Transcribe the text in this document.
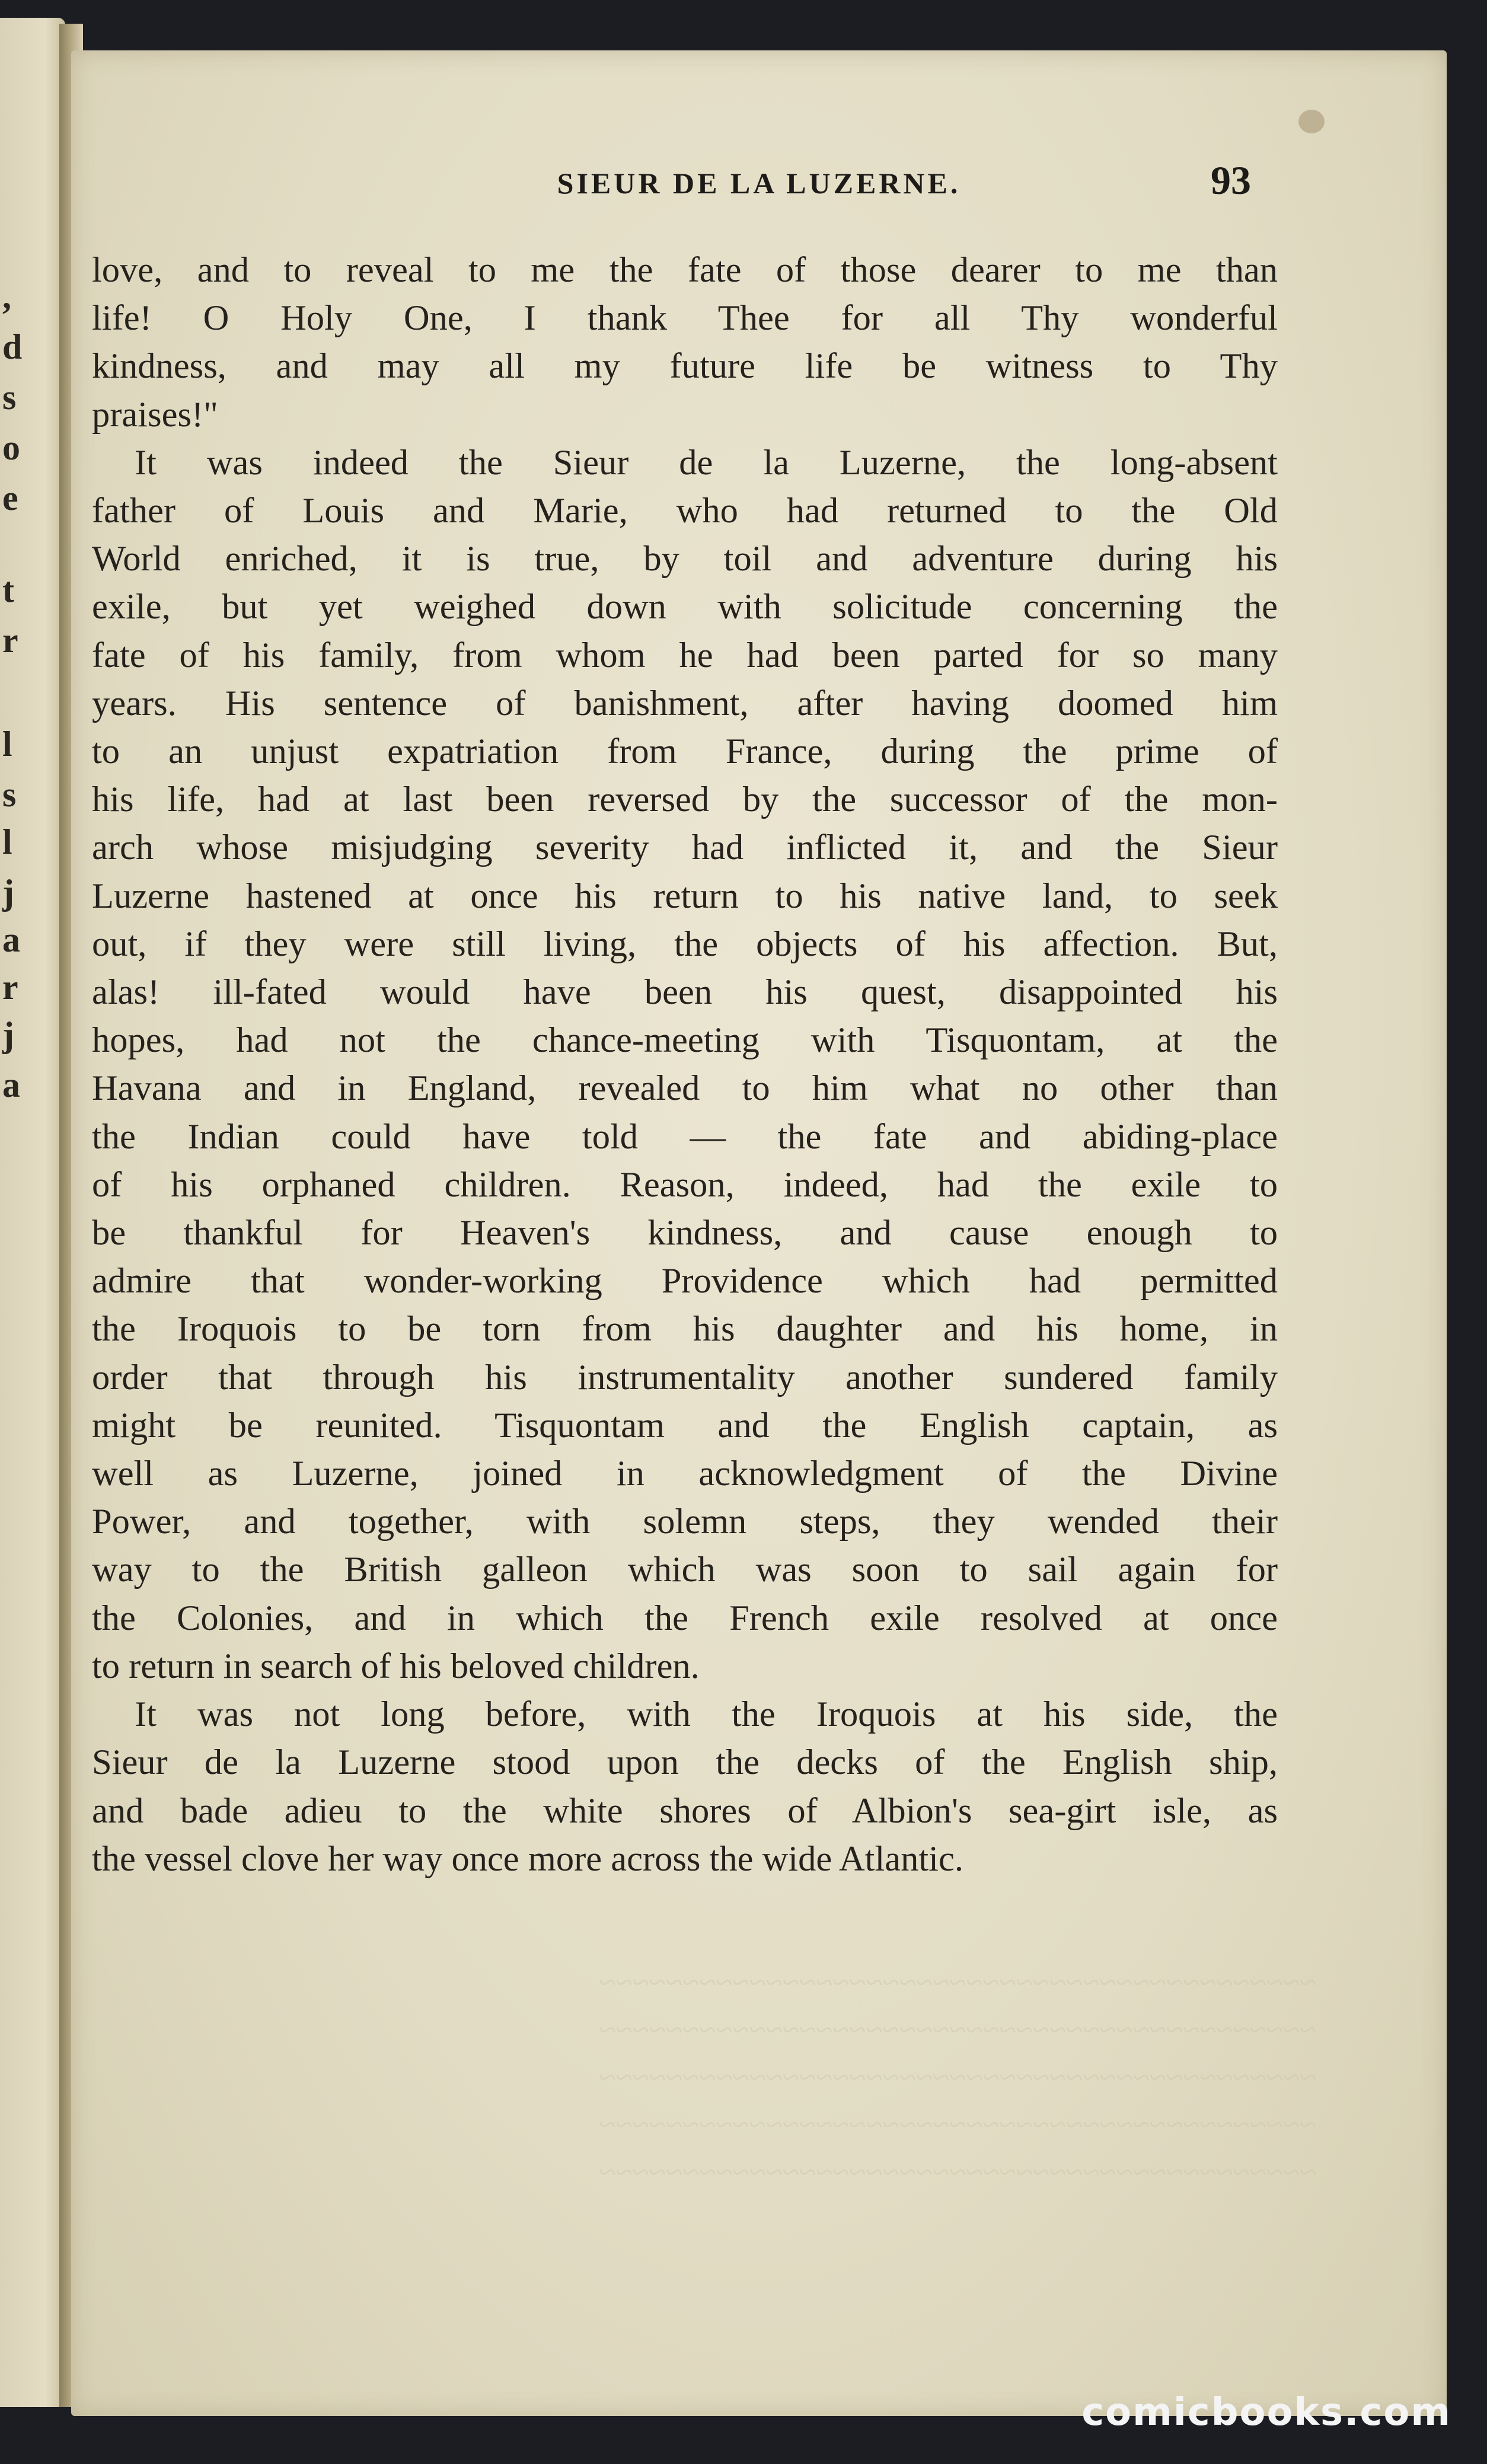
,
d
s
o
e
t
r
l
s
l
j
a
r
j
a
SIEUR DE LA LUZERNE.	93
love, and to reveal to me the fate of those dearer to me than
life! O Holy One, I thank Thee for all Thy wonderful
kindness, and may all my future life be witness to Thy
praises!"
It was indeed the Sieur de la Luzerne, the long-absent
father of Louis and Marie, who had returned to the Old
World enriched, it is true, by toil and adventure during his
exile, but yet weighed down with solicitude concerning the
fate of his family, from whom he had been parted for so many
years. His sentence of banishment, after having doomed him
to an unjust expatriation from France, during the prime of
his life, had at last been reversed by the successor of the mon-
arch whose misjudging severity had inflicted it, and the Sieur
Luzerne hastened at once his return to his native land, to seek
out, if they were still living, the objects of his affection. But,
alas! ill-fated would have been his quest, disappointed his
hopes, had not the chance-meeting with Tisquontam, at the
Havana and in England, revealed to him what no other than
the Indian could have told — the fate and abiding-place
of his orphaned children. Reason, indeed, had the exile to
be thankful for Heaven's kindness, and cause enough to
admire that wonder-working Providence which had permitted
the Iroquois to be torn from his daughter and his home, in
order that through his instrumentality another sundered family
might be reunited. Tisquontam and the English captain, as
well as Luzerne, joined in acknowledgment of the Divine
Power, and together, with solemn steps, they wended their
way to the British galleon which was soon to sail again for
the Colonies, and in which the French exile resolved at once
to return in search of his beloved children.
It was not long before, with the Iroquois at his side, the
Sieur de la Luzerne stood upon the decks of the English ship,
and bade adieu to the white shores of Albion's sea-girt isle, as
the vessel clove her way once more across the wide Atlantic.
~~~~~~~~~~~~~~~~~~~~~~~~~~~~~~~~~~~~~~~~~~~
~~~~~~~~~~~~~~~~~~~~~~~~~~~~~~~~~~~~~~~~~~~
~~~~~~~~~~~~~~~~~~~~~~~~~~~~~~~~~~~~~~~~~~~
~~~~~~~~~~~~~~~~~~~~~~~~~~~~~~~~~~~~~~~~~~~
~~~~~~~~~~~~~~~~~~~~~~~~~~~~~~~~~~~~~~~~~~~
comicbooks.com
